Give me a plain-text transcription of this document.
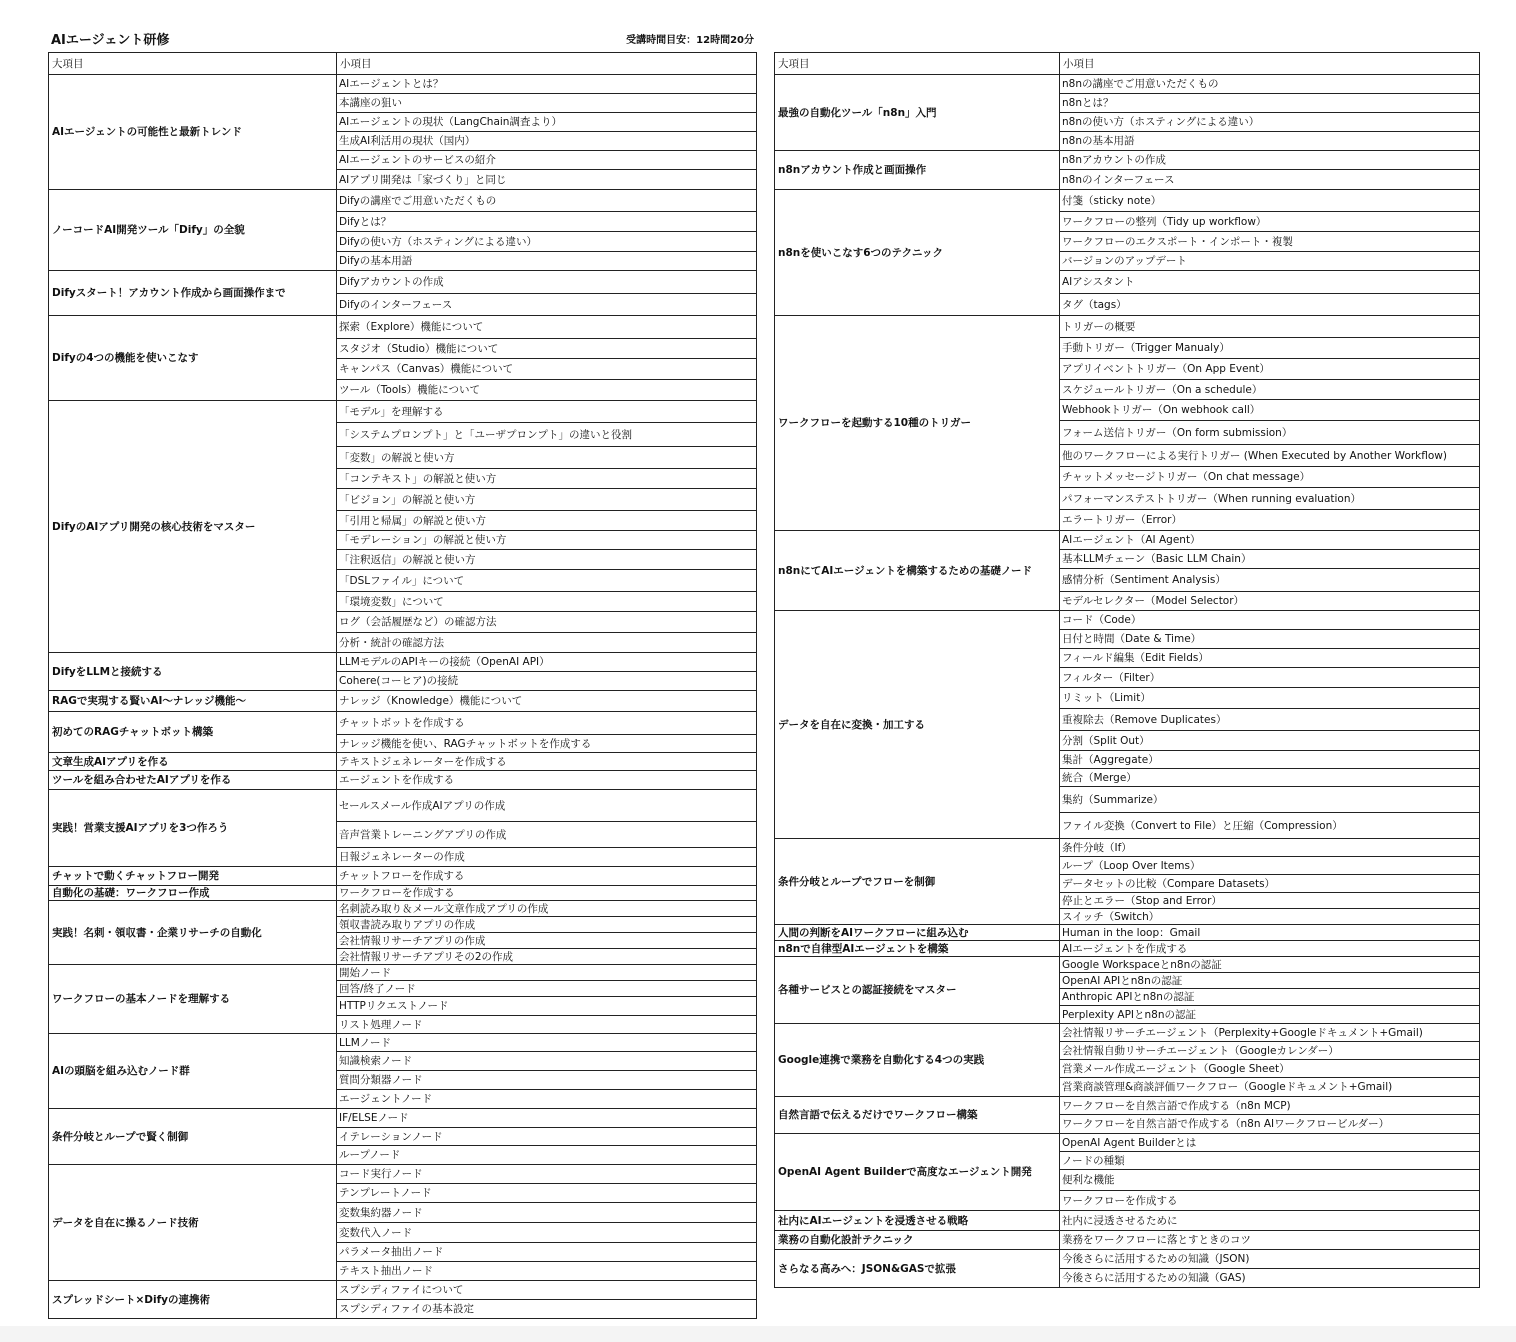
AIエージェント研修	受講時間目安：12時間20分
大項目	小項目
AIエージェントの可能性と最新トレンド	AIエージェントとは？
	本講座の狙い
	AIエージェントの現状（LangChain調査より）
	生成AI利活用の現状（国内）
	AIエージェントのサービスの紹介
	AIアプリ開発は「家づくり」と同じ
ノーコードAI開発ツール「Dify」の全貌	Difyの講座でご用意いただくもの
	Difyとは？
	Difyの使い方（ホスティングによる違い）
	Difyの基本用語
Difyスタート！アカウント作成から画面操作まで	Difyアカウントの作成
	Difyのインターフェース
Difyの4つの機能を使いこなす	探索（Explore）機能について
	スタジオ（Studio）機能について
	キャンパス（Canvas）機能について
	ツール（Tools）機能について
DifyのAIアプリ開発の核心技術をマスター	「モデル」を理解する
	「システムプロンプト」と「ユーザプロンプト」の違いと役割
	「変数」の解説と使い方
	「コンテキスト」の解説と使い方
	「ビジョン」の解説と使い方
	「引用と帰属」の解説と使い方
	「モデレーション」の解説と使い方
	「注釈返信」の解説と使い方
	「DSLファイル」について
	「環境変数」について
	ログ（会話履歴など）の確認方法
	分析・統計の確認方法
DifyをLLMと接続する	LLMモデルのAPIキーの接続（OpenAI API）
	Cohere(コーヒア)の接続
RAGで実現する賢いAI〜ナレッジ機能〜	ナレッジ（Knowledge）機能について
初めてのRAGチャットボット構築	チャットボットを作成する
	ナレッジ機能を使い、RAGチャットボットを作成する
文章生成AIアプリを作る	テキストジェネレーターを作成する
ツールを組み合わせたAIアプリを作る	エージェントを作成する
実践！営業支援AIアプリを3つ作ろう	セールスメール作成AIアプリの作成
	音声営業トレーニングアプリの作成
	日報ジェネレーターの作成
チャットで動くチャットフロー開発	チャットフローを作成する
自動化の基礎：ワークフロー作成	ワークフローを作成する
実践！名刺・領収書・企業リサーチの自動化	名刺読み取り＆メール文章作成アプリの作成
	領収書読み取りアプリの作成
	会社情報リサーチアプリの作成
	会社情報リサーチアプリその2の作成
ワークフローの基本ノードを理解する	開始ノード
	回答/終了ノード
	HTTPリクエストノード
	リスト処理ノード
AIの頭脳を組み込むノード群	LLMノード
	知識検索ノード
	質問分類器ノード
	エージェントノード
条件分岐とループで賢く制御	IF/ELSEノード
	イテレーションノード
	ループノード
データを自在に操るノード技術	コード実行ノード
	テンプレートノード
	変数集約器ノード
	変数代入ノード
	パラメータ抽出ノード
	テキスト抽出ノード
スプレッドシート×Difyの連携術	スプシディファイについて
	スプシディファイの基本設定
大項目	小項目
最強の自動化ツール「n8n」入門	n8nの講座でご用意いただくもの
	n8nとは？
	n8nの使い方（ホスティングによる違い）
	n8nの基本用語
n8nアカウント作成と画面操作	n8nアカウントの作成
	n8nのインターフェース
n8nを使いこなす6つのテクニック	付箋（sticky note）
	ワークフローの整列（Tidy up workflow）
	ワークフローのエクスポート・インポート・複製
	バージョンのアップデート
	AIアシスタント
	タグ（tags）
ワークフローを起動する10種のトリガー	トリガーの概要
	手動トリガー（Trigger Manualy）
	アプリイベントトリガー（On App Event）
	スケジュールトリガー（On a schedule）
	Webhookトリガー（On webhook call）
	フォーム送信トリガー（On form submission）
	他のワークフローによる実行トリガー (When Executed by Another Workflow)
	チャットメッセージトリガー（On chat message）
	パフォーマンステストトリガー（When running evaluation）
	エラートリガー（Error）
n8nにてAIエージェントを構築するための基礎ノード	AIエージェント（AI Agent）
	基本LLMチェーン（Basic LLM Chain）
	感情分析（Sentiment Analysis）
	モデルセレクター（Model Selector）
データを自在に変換・加工する	コード（Code）
	日付と時間（Date & Time）
	フィールド編集（Edit Fields）
	フィルター（Filter）
	リミット（Limit）
	重複除去（Remove Duplicates）
	分割（Split Out）
	集計（Aggregate）
	統合（Merge）
	集約（Summarize）
	ファイル変換（Convert to File）と圧縮（Compression）
条件分岐とループでフローを制御	条件分岐（If）
	ループ（Loop Over Items）
	データセットの比較（Compare Datasets）
	停止とエラー（Stop and Error）
	スイッチ（Switch）
人間の判断をAIワークフローに組み込む	Human in the loop：Gmail
n8nで自律型AIエージェントを構築	AIエージェントを作成する
各種サービスとの認証接続をマスター	Google Workspaceとn8nの認証
	OpenAI APIとn8nの認証
	Anthropic APIとn8nの認証
	Perplexity APIとn8nの認証
Google連携で業務を自動化する4つの実践	会社情報リサーチエージェント（Perplexity+Googleドキュメント+Gmail)
	会社情報自動リサーチエージェント（Googleカレンダー）
	営業メール作成エージェント（Google Sheet）
	営業商談管理&商談評価ワークフロー（Googleドキュメント+Gmail)
自然言語で伝えるだけでワークフロー構築	ワークフローを自然言語で作成する（n8n MCP)
	ワークフローを自然言語で作成する（n8n AIワークフロービルダー）
OpenAI Agent Builderで高度なエージェント開発	OpenAI Agent Builderとは
	ノードの種類
	便利な機能
	ワークフローを作成する
社内にAIエージェントを浸透させる戦略	社内に浸透させるために
業務の自動化設計テクニック	業務をワークフローに落とすときのコツ
さらなる高みへ：JSON&GASで拡張	今後さらに活用するための知識（JSON)
	今後さらに活用するための知識（GAS)
